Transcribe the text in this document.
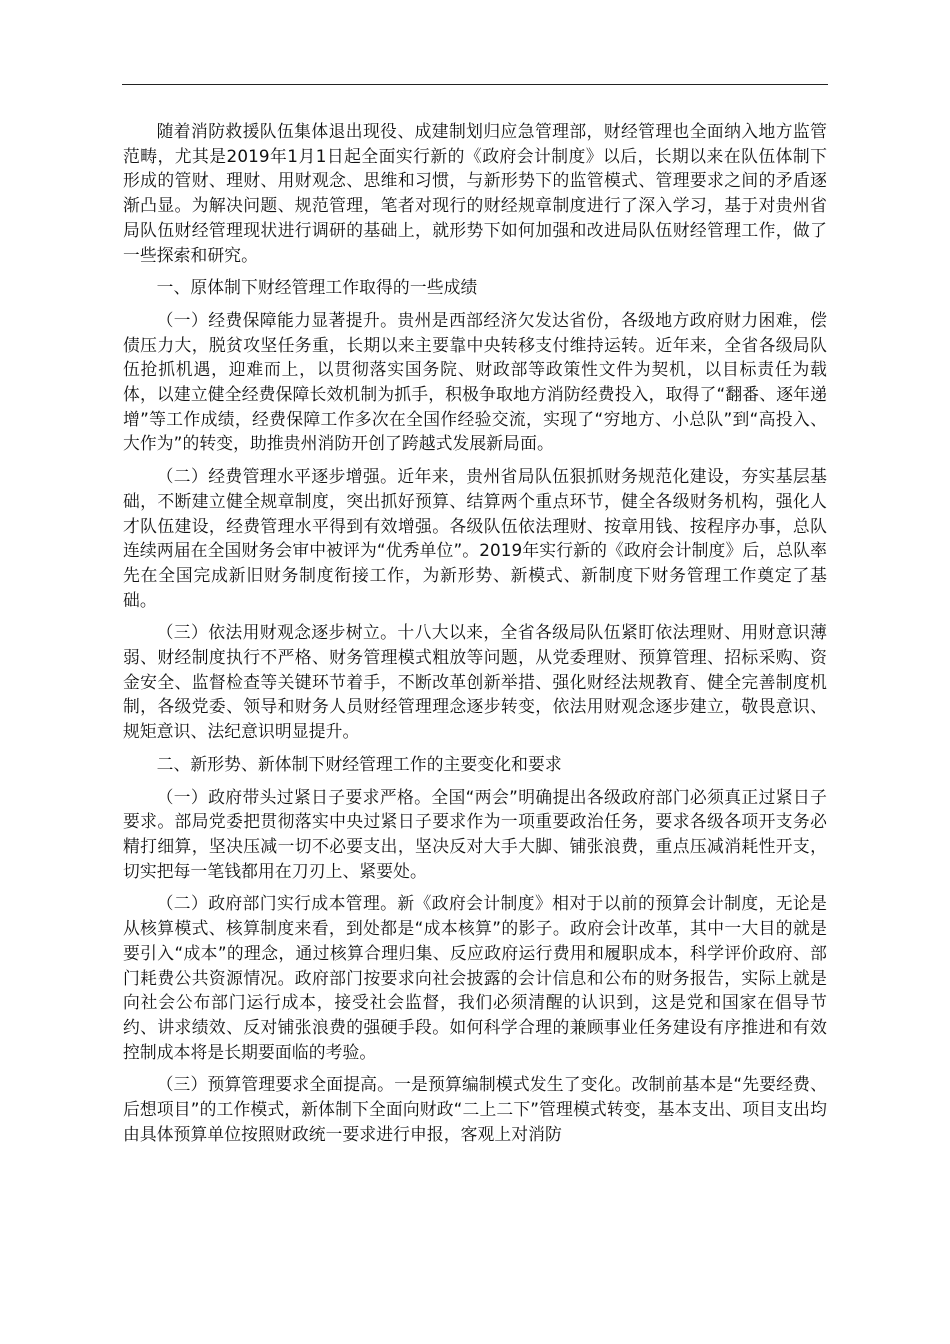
随着消防救援队伍集体退出现役、成建制划归应急管理部，财经管理也全面纳入地方监管范畴，尤其是2019年1月1日起全面实行新的《政府会计制度》以后，长期以来在队伍体制下形成的管财、理财、用财观念、思维和习惯，与新形势下的监管模式、管理要求之间的矛盾逐渐凸显。为解决问题、规范管理，笔者对现行的财经规章制度进行了深入学习，基于对贵州省局队伍财经管理现状进行调研的基础上，就形势下如何加强和改进局队伍财经管理工作，做了一些探索和研究。

一、原体制下财经管理工作取得的一些成绩

（一）经费保障能力显著提升。贵州是西部经济欠发达省份，各级地方政府财力困难，偿债压力大，脱贫攻坚任务重，长期以来主要靠中央转移支付维持运转。近年来，全省各级局队伍抢抓机遇，迎难而上，以贯彻落实国务院、财政部等政策性文件为契机，以目标责任为载体，以建立健全经费保障长效机制为抓手，积极争取地方消防经费投入，取得了“翻番、逐年递增”等工作成绩，经费保障工作多次在全国作经验交流，实现了“穷地方、小总队”到“高投入、大作为”的转变，助推贵州消防开创了跨越式发展新局面。

（二）经费管理水平逐步增强。近年来，贵州省局队伍狠抓财务规范化建设，夯实基层基础，不断建立健全规章制度，突出抓好预算、结算两个重点环节，健全各级财务机构，强化人才队伍建设，经费管理水平得到有效增强。各级队伍依法理财、按章用钱、按程序办事，总队连续两届在全国财务会审中被评为“优秀单位”。2019年实行新的《政府会计制度》后，总队率先在全国完成新旧财务制度衔接工作，为新形势、新模式、新制度下财务管理工作奠定了基础。

（三）依法用财观念逐步树立。十八大以来，全省各级局队伍紧盯依法理财、用财意识薄弱、财经制度执行不严格、财务管理模式粗放等问题，从党委理财、预算管理、招标采购、资金安全、监督检查等关键环节着手，不断改革创新举措、强化财经法规教育、健全完善制度机制，各级党委、领导和财务人员财经管理理念逐步转变，依法用财观念逐步建立，敬畏意识、规矩意识、法纪意识明显提升。

二、新形势、新体制下财经管理工作的主要变化和要求

（一）政府带头过紧日子要求严格。全国“两会”明确提出各级政府部门必须真正过紧日子要求。部局党委把贯彻落实中央过紧日子要求作为一项重要政治任务，要求各级各项开支务必精打细算，坚决压减一切不必要支出，坚决反对大手大脚、铺张浪费，重点压减消耗性开支，切实把每一笔钱都用在刀刃上、紧要处。

（二）政府部门实行成本管理。新《政府会计制度》相对于以前的预算会计制度，无论是从核算模式、核算制度来看，到处都是“成本核算”的影子。政府会计改革，其中一大目的就是要引入“成本”的理念，通过核算合理归集、反应政府运行费用和履职成本，科学评价政府、部门耗费公共资源情况。政府部门按要求向社会披露的会计信息和公布的财务报告，实际上就是向社会公布部门运行成本，接受社会监督，我们必须清醒的认识到，这是党和国家在倡导节约、讲求绩效、反对铺张浪费的强硬手段。如何科学合理的兼顾事业任务建设有序推进和有效控制成本将是长期要面临的考验。

（三）预算管理要求全面提高。一是预算编制模式发生了变化。改制前基本是“先要经费、后想项目”的工作模式，新体制下全面向财政“二上二下”管理模式转变，基本支出、项目支出均由具体预算单位按照财政统一要求进行申报，客观上对消防
